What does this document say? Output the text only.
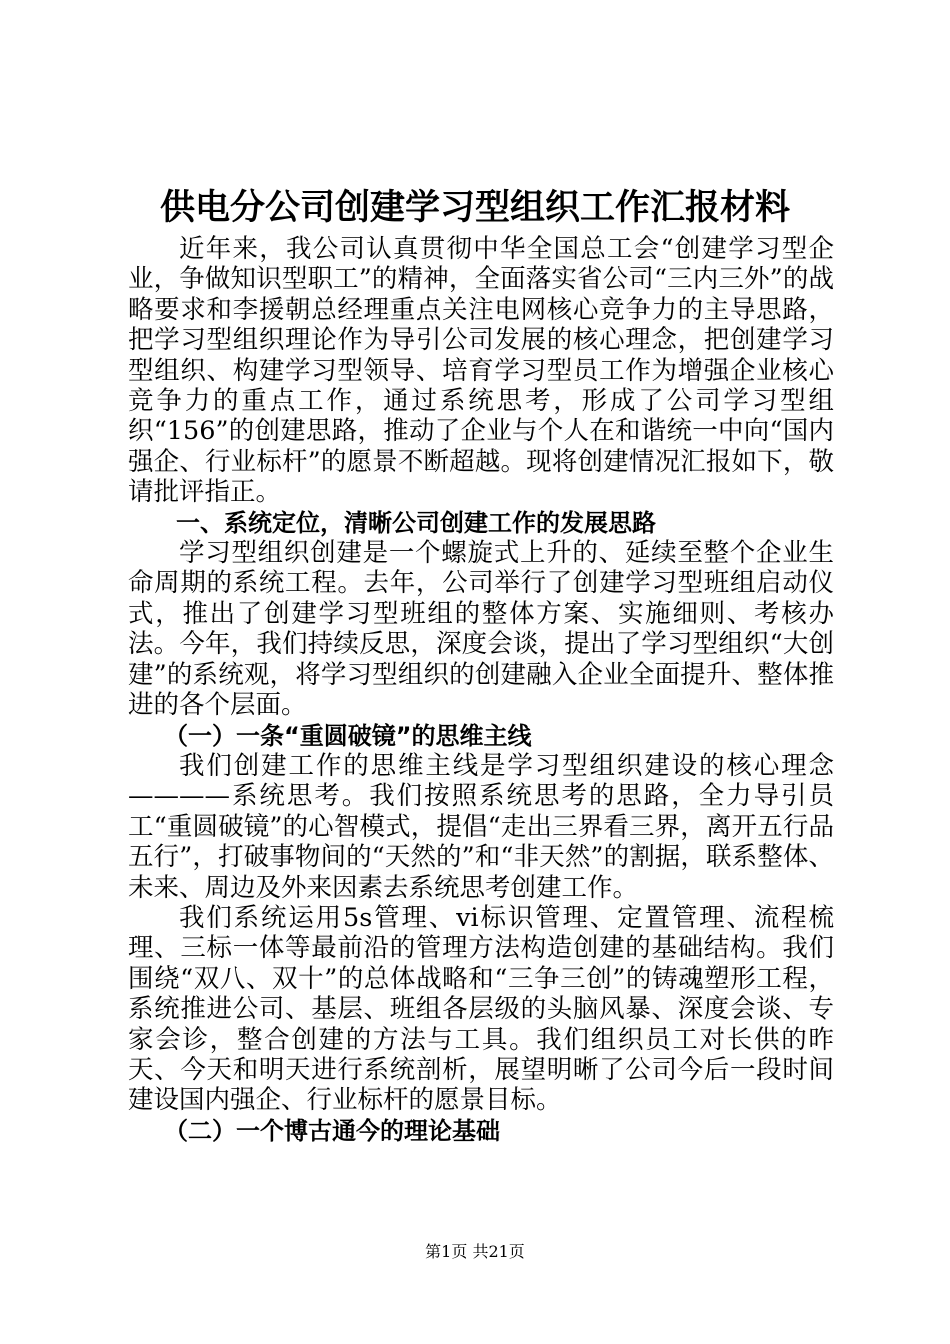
供电分公司创建学习型组织工作汇报材料

近年来，我公司认真贯彻中华全国总工会“创建学习型企业，争做知识型职工”的精神，全面落实省公司“三内三外”的战略要求和李援朝总经理重点关注电网核心竞争力的主导思路，把学习型组织理论作为导引公司发展的核心理念，把创建学习型组织、构建学习型领导、培育学习型员工作为增强企业核心竞争力的重点工作，通过系统思考，形成了公司学习型组织“156”的创建思路，推动了企业与个人在和谐统一中向“国内强企、行业标杆”的愿景不断超越。现将创建情况汇报如下，敬请批评指正。

一、系统定位，清晰公司创建工作的发展思路

学习型组织创建是一个螺旋式上升的、延续至整个企业生命周期的系统工程。去年，公司举行了创建学习型班组启动仪式，推出了创建学习型班组的整体方案、实施细则、考核办法。今年，我们持续反思，深度会谈，提出了学习型组织“大创建”的系统观，将学习型组织的创建融入企业全面提升、整体推进的各个层面。

（一）一条“重圆破镜”的思维主线

我们创建工作的思维主线是学习型组织建设的核心理念————系统思考。我们按照系统思考的思路，全力导引员工“重圆破镜”的心智模式，提倡“走出三界看三界，离开五行品五行”，打破事物间的“天然的”和“非天然”的割据，联系整体、未来、周边及外来因素去系统思考创建工作。

我们系统运用5s管理、vi标识管理、定置管理、流程梳理、三标一体等最前沿的管理方法构造创建的基础结构。我们围绕“双八、双十”的总体战略和“三争三创”的铸魂塑形工程，系统推进公司、基层、班组各层级的头脑风暴、深度会谈、专家会诊，整合创建的方法与工具。我们组织员工对长供的昨天、今天和明天进行系统剖析，展望明晰了公司今后一段时间建设国内强企、行业标杆的愿景目标。

（二）一个博古通今的理论基础
第1页 共21页
